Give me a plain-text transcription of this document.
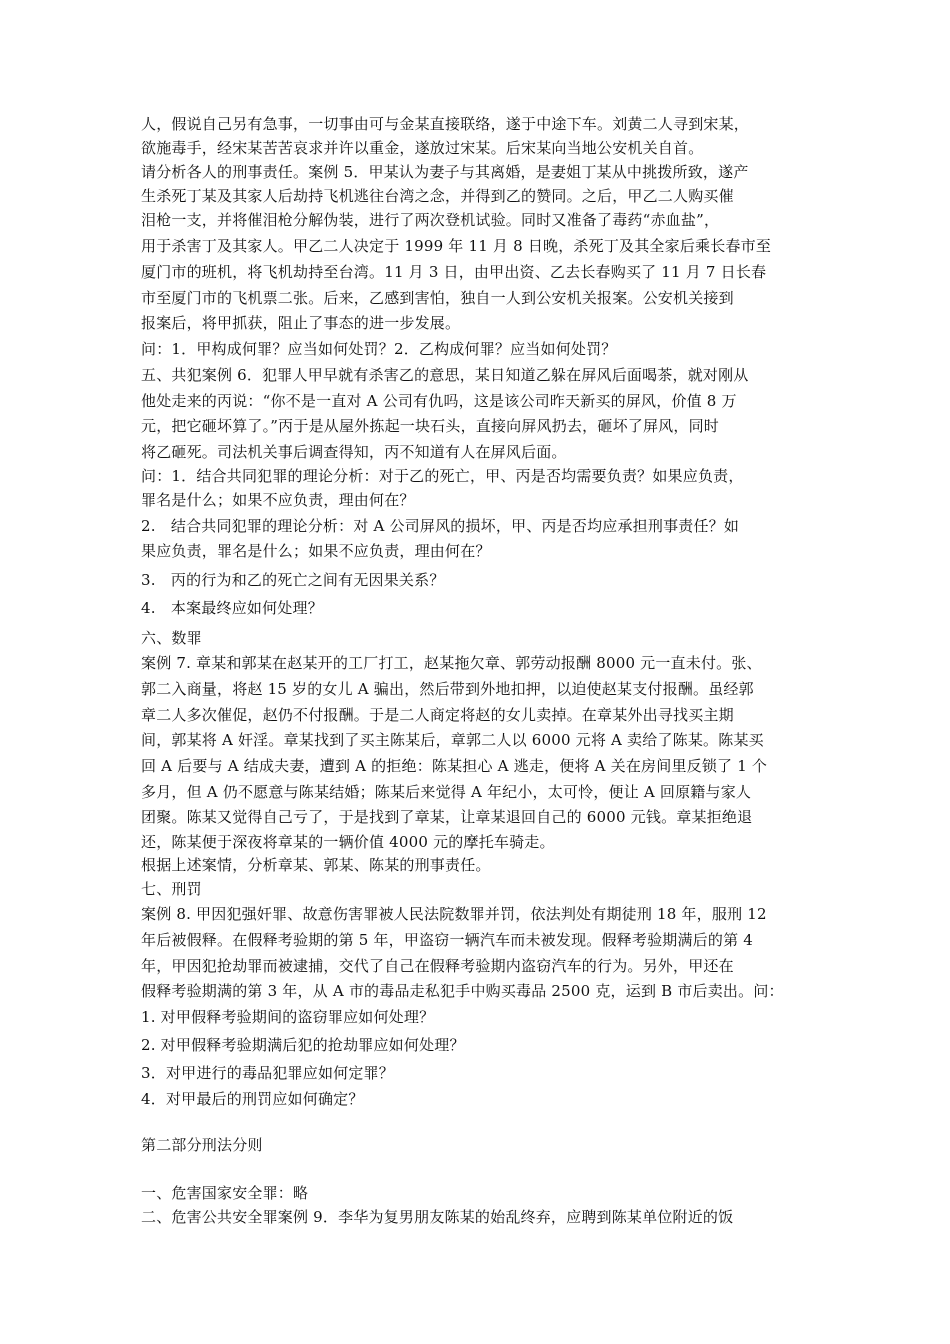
人，假说自己另有急事，一切事由可与金某直接联络，遂于中途下车。刘黄二人寻到宋某，
欲施毒手，经宋某苦苦哀求并许以重金，遂放过宋某。后宋某向当地公安机关自首。
请分析各人的刑事责任。案例 5．甲某认为妻子与其离婚，是妻姐丁某从中挑拨所致，遂产
生杀死丁某及其家人后劫持飞机逃往台湾之念，并得到乙的赞同。之后，甲乙二人购买催
泪枪一支，并将催泪枪分解伪装，进行了两次登机试验。同时又准备了毒药“赤血盐”，
用于杀害丁及其家人。甲乙二人决定于 1999 年 11 月 8 日晚，杀死丁及其全家后乘长春市至
厦门市的班机，将飞机劫持至台湾。11 月 3 日，由甲出资、乙去长春购买了 11 月 7 日长春
市至厦门市的飞机票二张。后来，乙感到害怕，独自一人到公安机关报案。公安机关接到
报案后，将甲抓获，阻止了事态的进一步发展。
问：1．甲构成何罪？应当如何处罚？2．乙构成何罪？应当如何处罚？
五、共犯案例 6．犯罪人甲早就有杀害乙的意思，某日知道乙躲在屏风后面喝茶，就对刚从
他处走来的丙说：“你不是一直对 A 公司有仇吗，这是该公司昨天新买的屏风，价值 8 万
元，把它砸坏算了。”丙于是从屋外拣起一块石头，直接向屏风扔去，砸坏了屏风，同时
将乙砸死。司法机关事后调查得知，丙不知道有人在屏风后面。
问：1．结合共同犯罪的理论分析：对于乙的死亡，甲、丙是否均需要负责？如果应负责，
罪名是什么；如果不应负责，理由何在？
2.　结合共同犯罪的理论分析：对 A 公司屏风的损坏，甲、丙是否均应承担刑事责任？如
果应负责，罪名是什么；如果不应负责，理由何在？
3.　丙的行为和乙的死亡之间有无因果关系？
4.　本案最终应如何处理？
六、数罪
案例 7. 章某和郭某在赵某开的工厂打工，赵某拖欠章、郭劳动报酬 8000 元一直未付。张、
郭二入商量，将赵 15 岁的女儿 A 骗出，然后带到外地扣押，以迫使赵某支付报酬。虽经郭
章二人多次催促，赵仍不付报酬。于是二人商定将赵的女儿卖掉。在章某外出寻找买主期
间，郭某将 A 奸淫。章某找到了买主陈某后，章郭二人以 6000 元将 A 卖给了陈某。陈某买
回 A 后要与 A 结成夫妻，遭到 A 的拒绝：陈某担心 A 逃走，便将 A 关在房间里反锁了 1 个
多月，但 A 仍不愿意与陈某结婚；陈某后来觉得 A 年纪小，太可怜，便让 A 回原籍与家人
团聚。陈某又觉得自己亏了，于是找到了章某，让章某退回自己的 6000 元钱。章某拒绝退
还，陈某便于深夜将章某的一辆价值 4000 元的摩托车骑走。
根据上述案情，分析章某、郭某、陈某的刑事责任。
七、刑罚
案例 8. 甲因犯强奸罪、故意伤害罪被人民法院数罪并罚，依法判处有期徒刑 18 年，服刑 12
年后被假释。在假释考验期的第 5 年，甲盗窃一辆汽车而未被发现。假释考验期满后的第 4
年，甲因犯抢劫罪而被逮捕，交代了自己在假释考验期内盗窃汽车的行为。另外，甲还在
假释考验期满的第 3 年，从 A 市的毒品走私犯手中购买毒品 2500 克，运到 B 市后卖出。问：
1. 对甲假释考验期间的盗窃罪应如何处理？
2. 对甲假释考验期满后犯的抢劫罪应如何处理？
3．对甲进行的毒品犯罪应如何定罪？
4．对甲最后的刑罚应如何确定？
第二部分刑法分则
一、危害国家安全罪：略
二、危害公共安全罪案例 9．李华为复男朋友陈某的始乱终弃，应聘到陈某单位附近的饭
